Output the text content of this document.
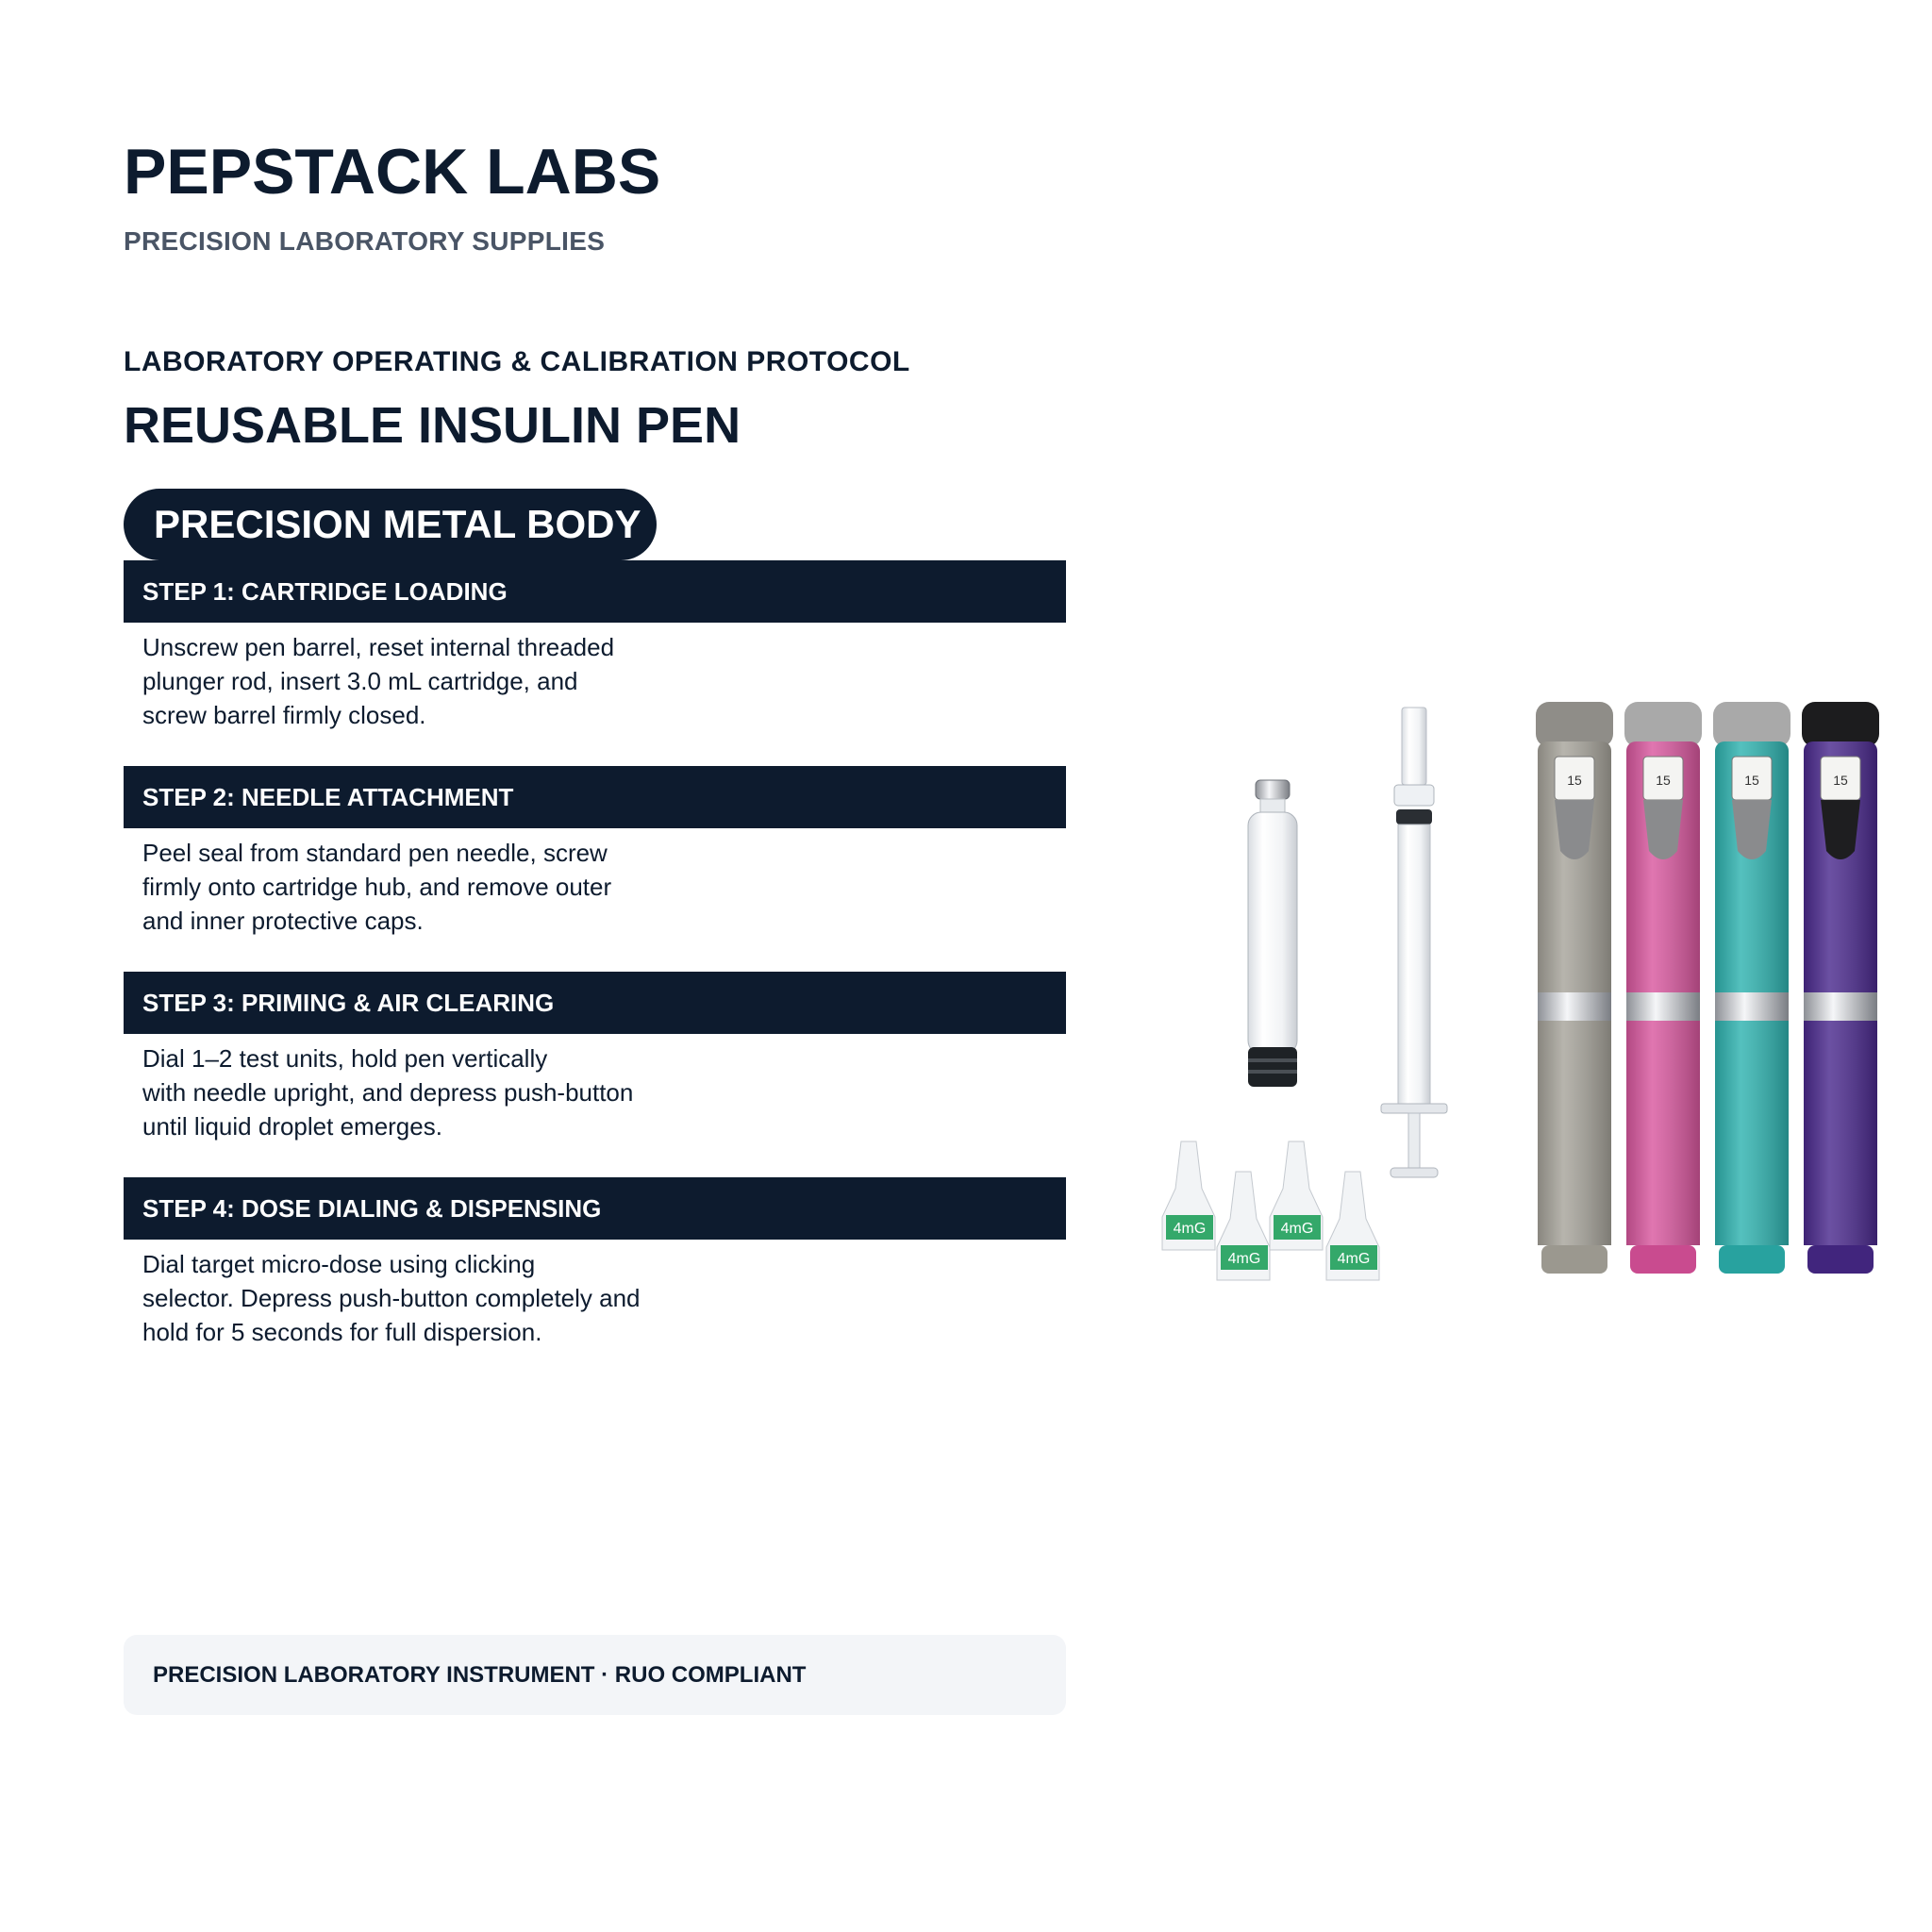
PEPSTACK LABS
PRECISION LABORATORY SUPPLIES
LABORATORY OPERATING & CALIBRATION PROTOCOL
REUSABLE INSULIN PEN
PRECISION METAL BODY
STEP 1: CARTRIDGE LOADING
Unscrew pen barrel, reset internal threaded
plunger rod, insert 3.0 mL cartridge, and
screw barrel firmly closed.
STEP 2: NEEDLE ATTACHMENT
Peel seal from standard pen needle, screw
firmly onto cartridge hub, and remove outer
and inner protective caps.
STEP 3: PRIMING & AIR CLEARING
Dial 1–2 test units, hold pen vertically
with needle upright, and depress push-button
until liquid droplet emerges.
STEP 4: DOSE DIALING & DISPENSING
Dial target micro-dose using clicking
selector. Depress push-button completely and
hold for 5 seconds for full dispersion.
PRECISION LABORATORY INSTRUMENT · RUO COMPLIANT
4mG
4mG
4mG
4mG
15	15	15	15
